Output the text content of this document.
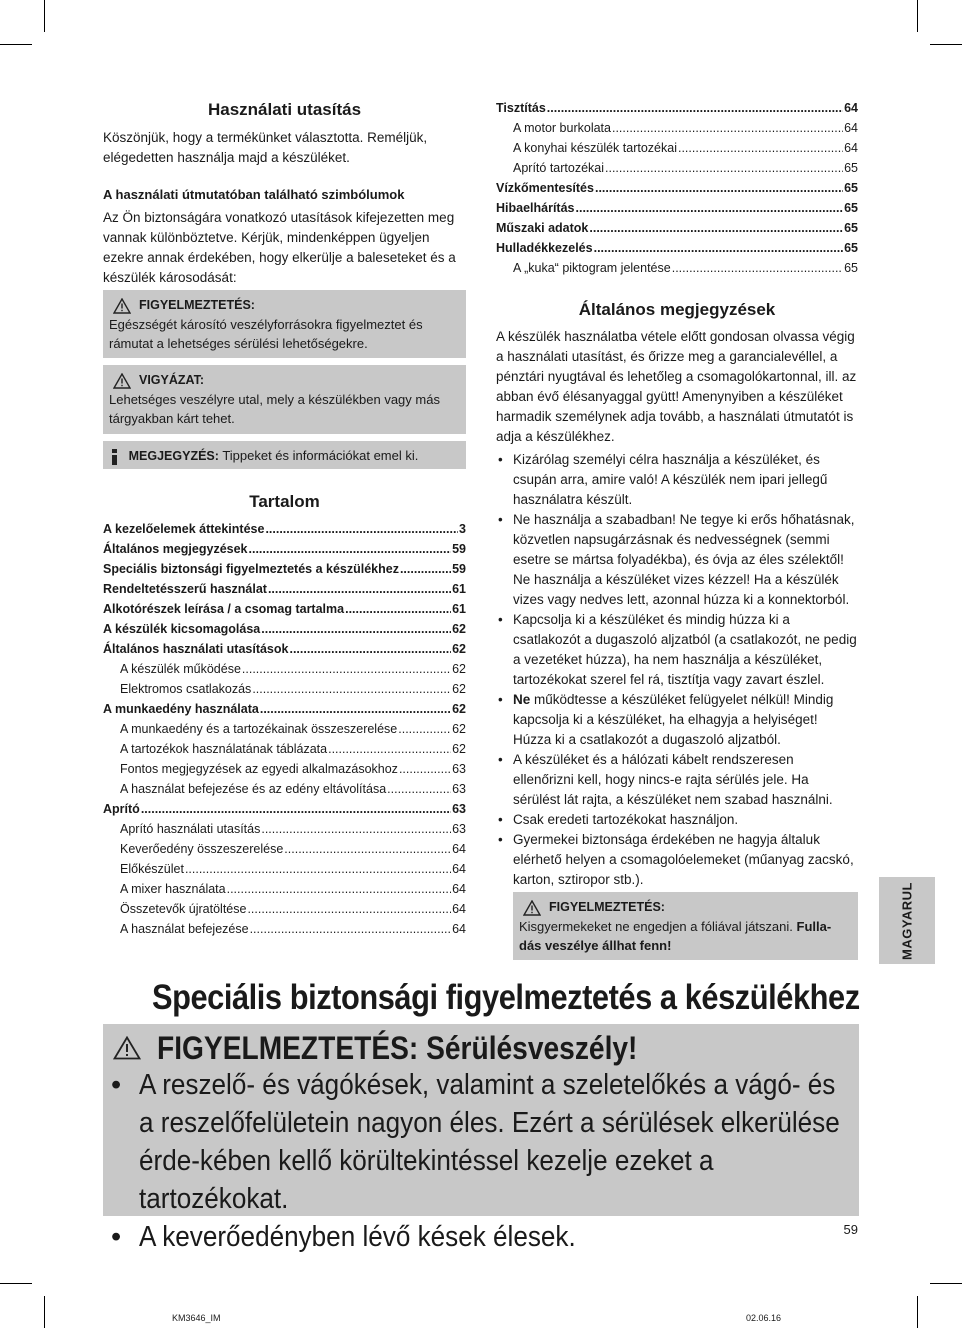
Használati utasítás
Köszönjük, hogy a termékünket választotta. Reméljük, elégedetten használja majd a készüléket.
A használati útmutatóban található szimbólumok
Az Ön biztonságára vonatkozó utasítások kifejezetten meg vannak különböztetve. Kérjük, mindenképpen ügyeljen ezekre annak érdekében, hogy elkerülje a baleseteket és a készülék károsodását:
FIGYELMEZTETÉS:
Egészségét károsító veszélyforrásokra figyelmeztet és rámutat a lehetséges sérülési lehetőségekre.
VIGYÁZAT:
Lehetséges veszélyre utal, mely a készülékben vagy más tárgyakban kárt tehet.
MEGJEGYZÉS: Tippeket és információkat emel ki.
Tartalom
A kezelőelemek áttekintése .....	3
Általános megjegyzések .....	59
Speciális biztonsági figyelmeztetés a készülékhez .....	59
Rendeltetésszerű használat .....	61
Alkotórészek leírása / a csomag tartalma .....	61
A készülék kicsomagolása .....	62
Általános használati utasítások .....	62
A készülék működése .....	62
Elektromos csatlakozás .....	62
A munkaedény használata .....	62
A munkaedény és a tartozékainak összeszerelése .....	62
A tartozékok használatának táblázata .....	62
Fontos megjegyzések az egyedi alkalmazásokhoz .....	63
A használat befejezése és az edény eltávolítása .....	63
Aprító .....	63
Aprító használati utasítás .....	63
Keverőedény összeszerelése .....	64
Előkészület .....	64
A mixer használata .....	64
Összetevők újratöltése .....	64
A használat befejezése .....	64
Tisztítás .....	64
A motor burkolata .....	64
A konyhai készülék tartozékai .....	64
Aprító tartozékai .....	65
Vízkőmentesítés .....	65
Hibaelhárítás .....	65
Műszaki adatok .....	65
Hulladékkezelés .....	65
A „kuka“ piktogram jelentése .....	65
Általános megjegyzések
A készülék használatba vétele előtt gondosan olvassa végig a használati utasítást, és őrizze meg a garancialevéllel, a pénztári nyugtával és lehetőleg a csomagolókartonnal, ill. az abban évő élésanyaggal gyütt! Amenynyiben a készüléket harmadik személynek adja tovább, a használati útmutatót is adja a készülékhez.
• Kizárólag személyi célra használja a készüléket, és csupán arra, amire való! A készülék nem ipari jellegű használatra készült.
• Ne használja a szabadban! Ne tegye ki erős hőhatásnak, közvetlen napsugárzásnak és nedvességnek (semmi esetre se mártsa folyadékba), és óvja az éles szélektől! Ne használja a készüléket vizes kézzel! Ha a készülék vizes vagy nedves lett, azonnal húzza ki a konnektorból.
• Kapcsolja ki a készüléket és mindig húzza ki a csatlakozót a dugaszoló aljzatból (a csatlakozót, ne pedig a vezetéket húzza), ha nem használja a készüléket, tartozékokat szerel fel rá, tisztítja vagy zavart észlel.
• Ne működtesse a készüléket felügyelet nélkül! Mindig kapcsolja ki a készüléket, ha elhagyja a helyiséget! Húzza ki a csatlakozót a dugaszoló aljzatból.
• A készüléket és a hálózati kábelt rendszeresen ellenőrizni kell, hogy nincs-e rajta sérülés jele. Ha sérülést lát rajta, a készüléket nem szabad használni.
• Csak eredeti tartozékokat használjon.
• Gyermekei biztonsága érdekében ne hagyja általuk elérhető helyen a csomagolóelemeket (műanyag zacskó, karton, sztiropor stb.).
FIGYELMEZTETÉS:
Kisgyermekeket ne engedjen a fóliával játszani. Fulla-dás veszélye állhat fenn!	MAGYARUL
Speciális biztonsági figyelmeztetés a készülékhez
FIGYELMEZTETÉS: Sérülésveszély!
• A reszelő- és vágókések, valamint a szeletelőkés a vágó- és a reszelőfelületein nagyon éles. Ezért a sérülések elkerülése érde-kében kellő körültekintéssel kezelje ezeket a tartozékokat.
• A keverőedényben lévő kések élesek.	59
KM3646_IM	02.06.16
